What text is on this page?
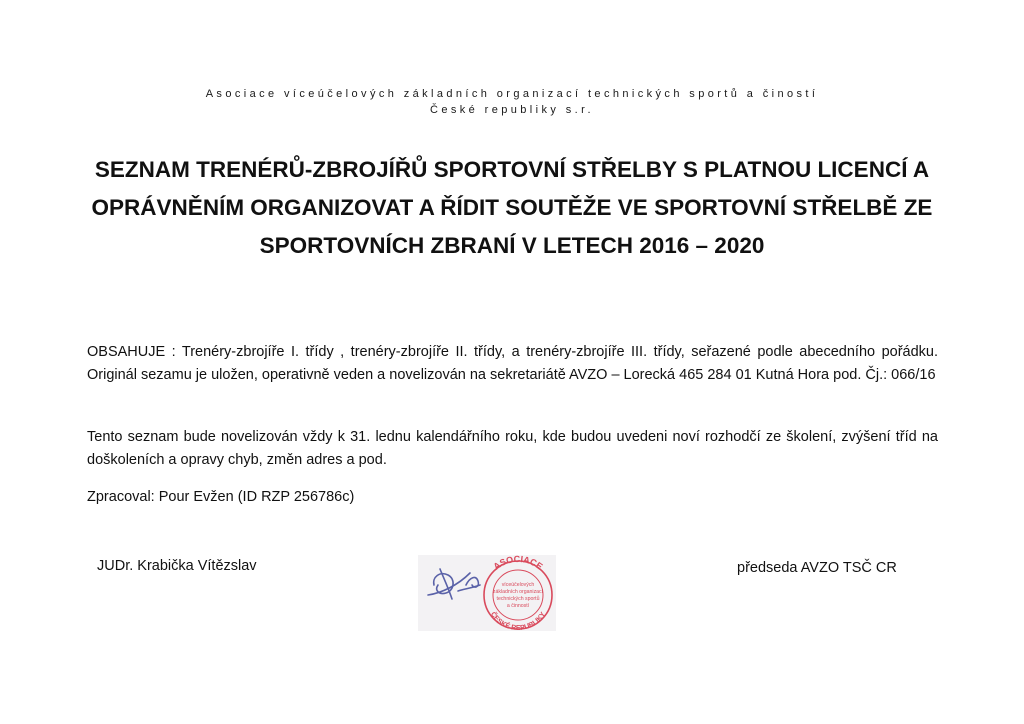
Asociace víceúčelových základních organizací technických sportů a čiností
České republiky s.r.
SEZNAM TRENÉRŮ-ZBROJÍŘŮ SPORTOVNÍ STŘELBY S PLATNOU LICENCÍ A
OPRÁVNĚNÍM ORGANIZOVAT A ŘÍDIT SOUTĚŽE VE SPORTOVNÍ STŘELBĚ ZE
SPORTOVNÍCH ZBRANÍ V LETECH 2016 – 2020
OBSAHUJE : Trenéry-zbrojíře I. třídy , trenéry-zbrojíře II. třídy, a trenéry-zbrojíře III. třídy, seřazené podle abecedního pořádku. Originál sezamu je uložen, operativně veden a novelizován na sekretariátě AVZO – Lorecká 465 284 01 Kutná Hora pod. Čj.: 066/16
Tento seznam bude novelizován vždy k 31. lednu kalendářního roku, kde budou uvedeni noví rozhodčí ze školení, zvýšení tříd na doškoleních a opravy chyb, změn adres a pod.
Zpracoval: Pour Evžen (ID RZP 256786c)
JUDr. Krabička Vítězslav	ASOCIACE
ČESKÉ REPUBLIKY
víceúčelových
základních organizací
technických sportů
a činností
předseda AVZO TSČ CR
